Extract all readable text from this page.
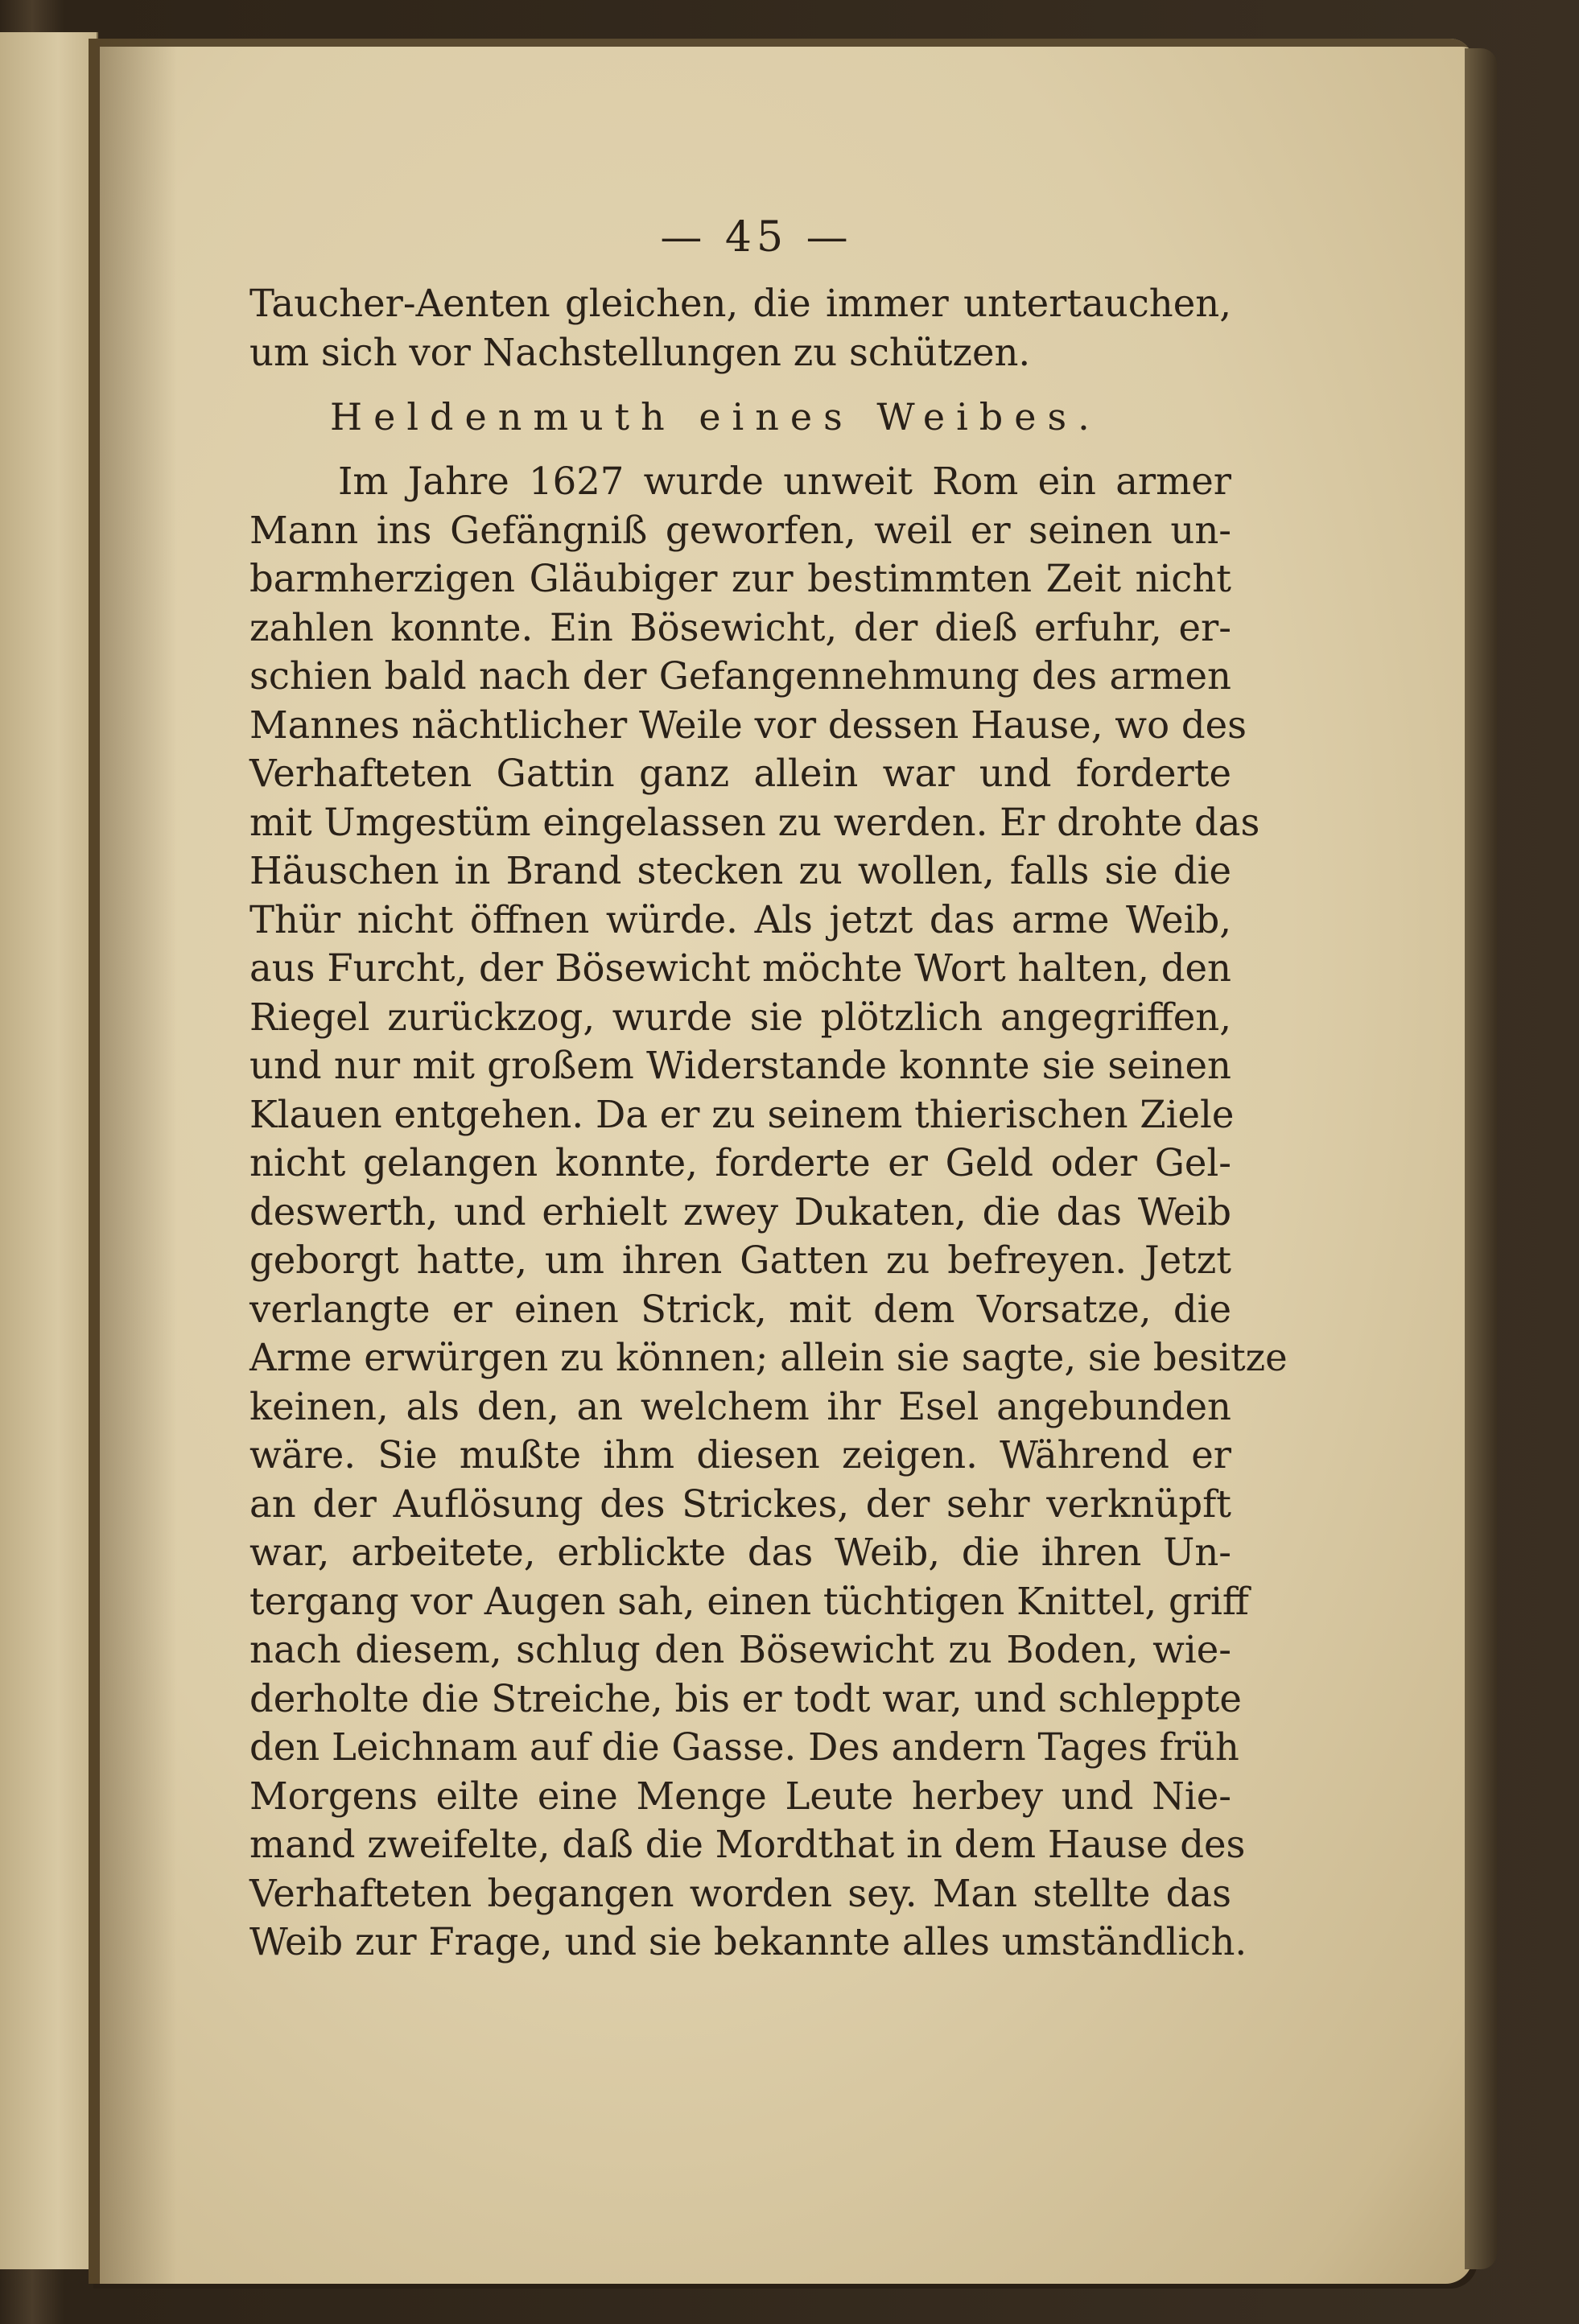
— 45 —
Taucher-Aenten gleichen, die immer untertauchen,
um sich vor Nachstellungen zu schützen.
Heldenmuth eines Weibes.
Im Jahre 1627 wurde unweit Rom ein armer
Mann ins Gefängniß geworfen, weil er seinen un-
barmherzigen Gläubiger zur bestimmten Zeit nicht
zahlen konnte. Ein Bösewicht, der dieß erfuhr, er-
schien bald nach der Gefangennehmung des armen
Mannes nächtlicher Weile vor dessen Hause, wo des
Verhafteten Gattin ganz allein war und forderte
mit Umgestüm eingelassen zu werden. Er drohte das
Häuschen in Brand stecken zu wollen, falls sie die
Thür nicht öffnen würde. Als jetzt das arme Weib,
aus Furcht, der Bösewicht möchte Wort halten, den
Riegel zurückzog, wurde sie plötzlich angegriffen,
und nur mit großem Widerstande konnte sie seinen
Klauen entgehen. Da er zu seinem thierischen Ziele
nicht gelangen konnte, forderte er Geld oder Gel-
deswerth, und erhielt zwey Dukaten, die das Weib
geborgt hatte, um ihren Gatten zu befreyen. Jetzt
verlangte er einen Strick, mit dem Vorsatze, die
Arme erwürgen zu können; allein sie sagte, sie besitze
keinen, als den, an welchem ihr Esel angebunden
wäre. Sie mußte ihm diesen zeigen. Während er
an der Auflösung des Strickes, der sehr verknüpft
war, arbeitete, erblickte das Weib, die ihren Un-
tergang vor Augen sah, einen tüchtigen Knittel, griff
nach diesem, schlug den Bösewicht zu Boden, wie-
derholte die Streiche, bis er todt war, und schleppte
den Leichnam auf die Gasse. Des andern Tages früh
Morgens eilte eine Menge Leute herbey und Nie-
mand zweifelte, daß die Mordthat in dem Hause des
Verhafteten begangen worden sey. Man stellte das
Weib zur Frage, und sie bekannte alles umständlich.
